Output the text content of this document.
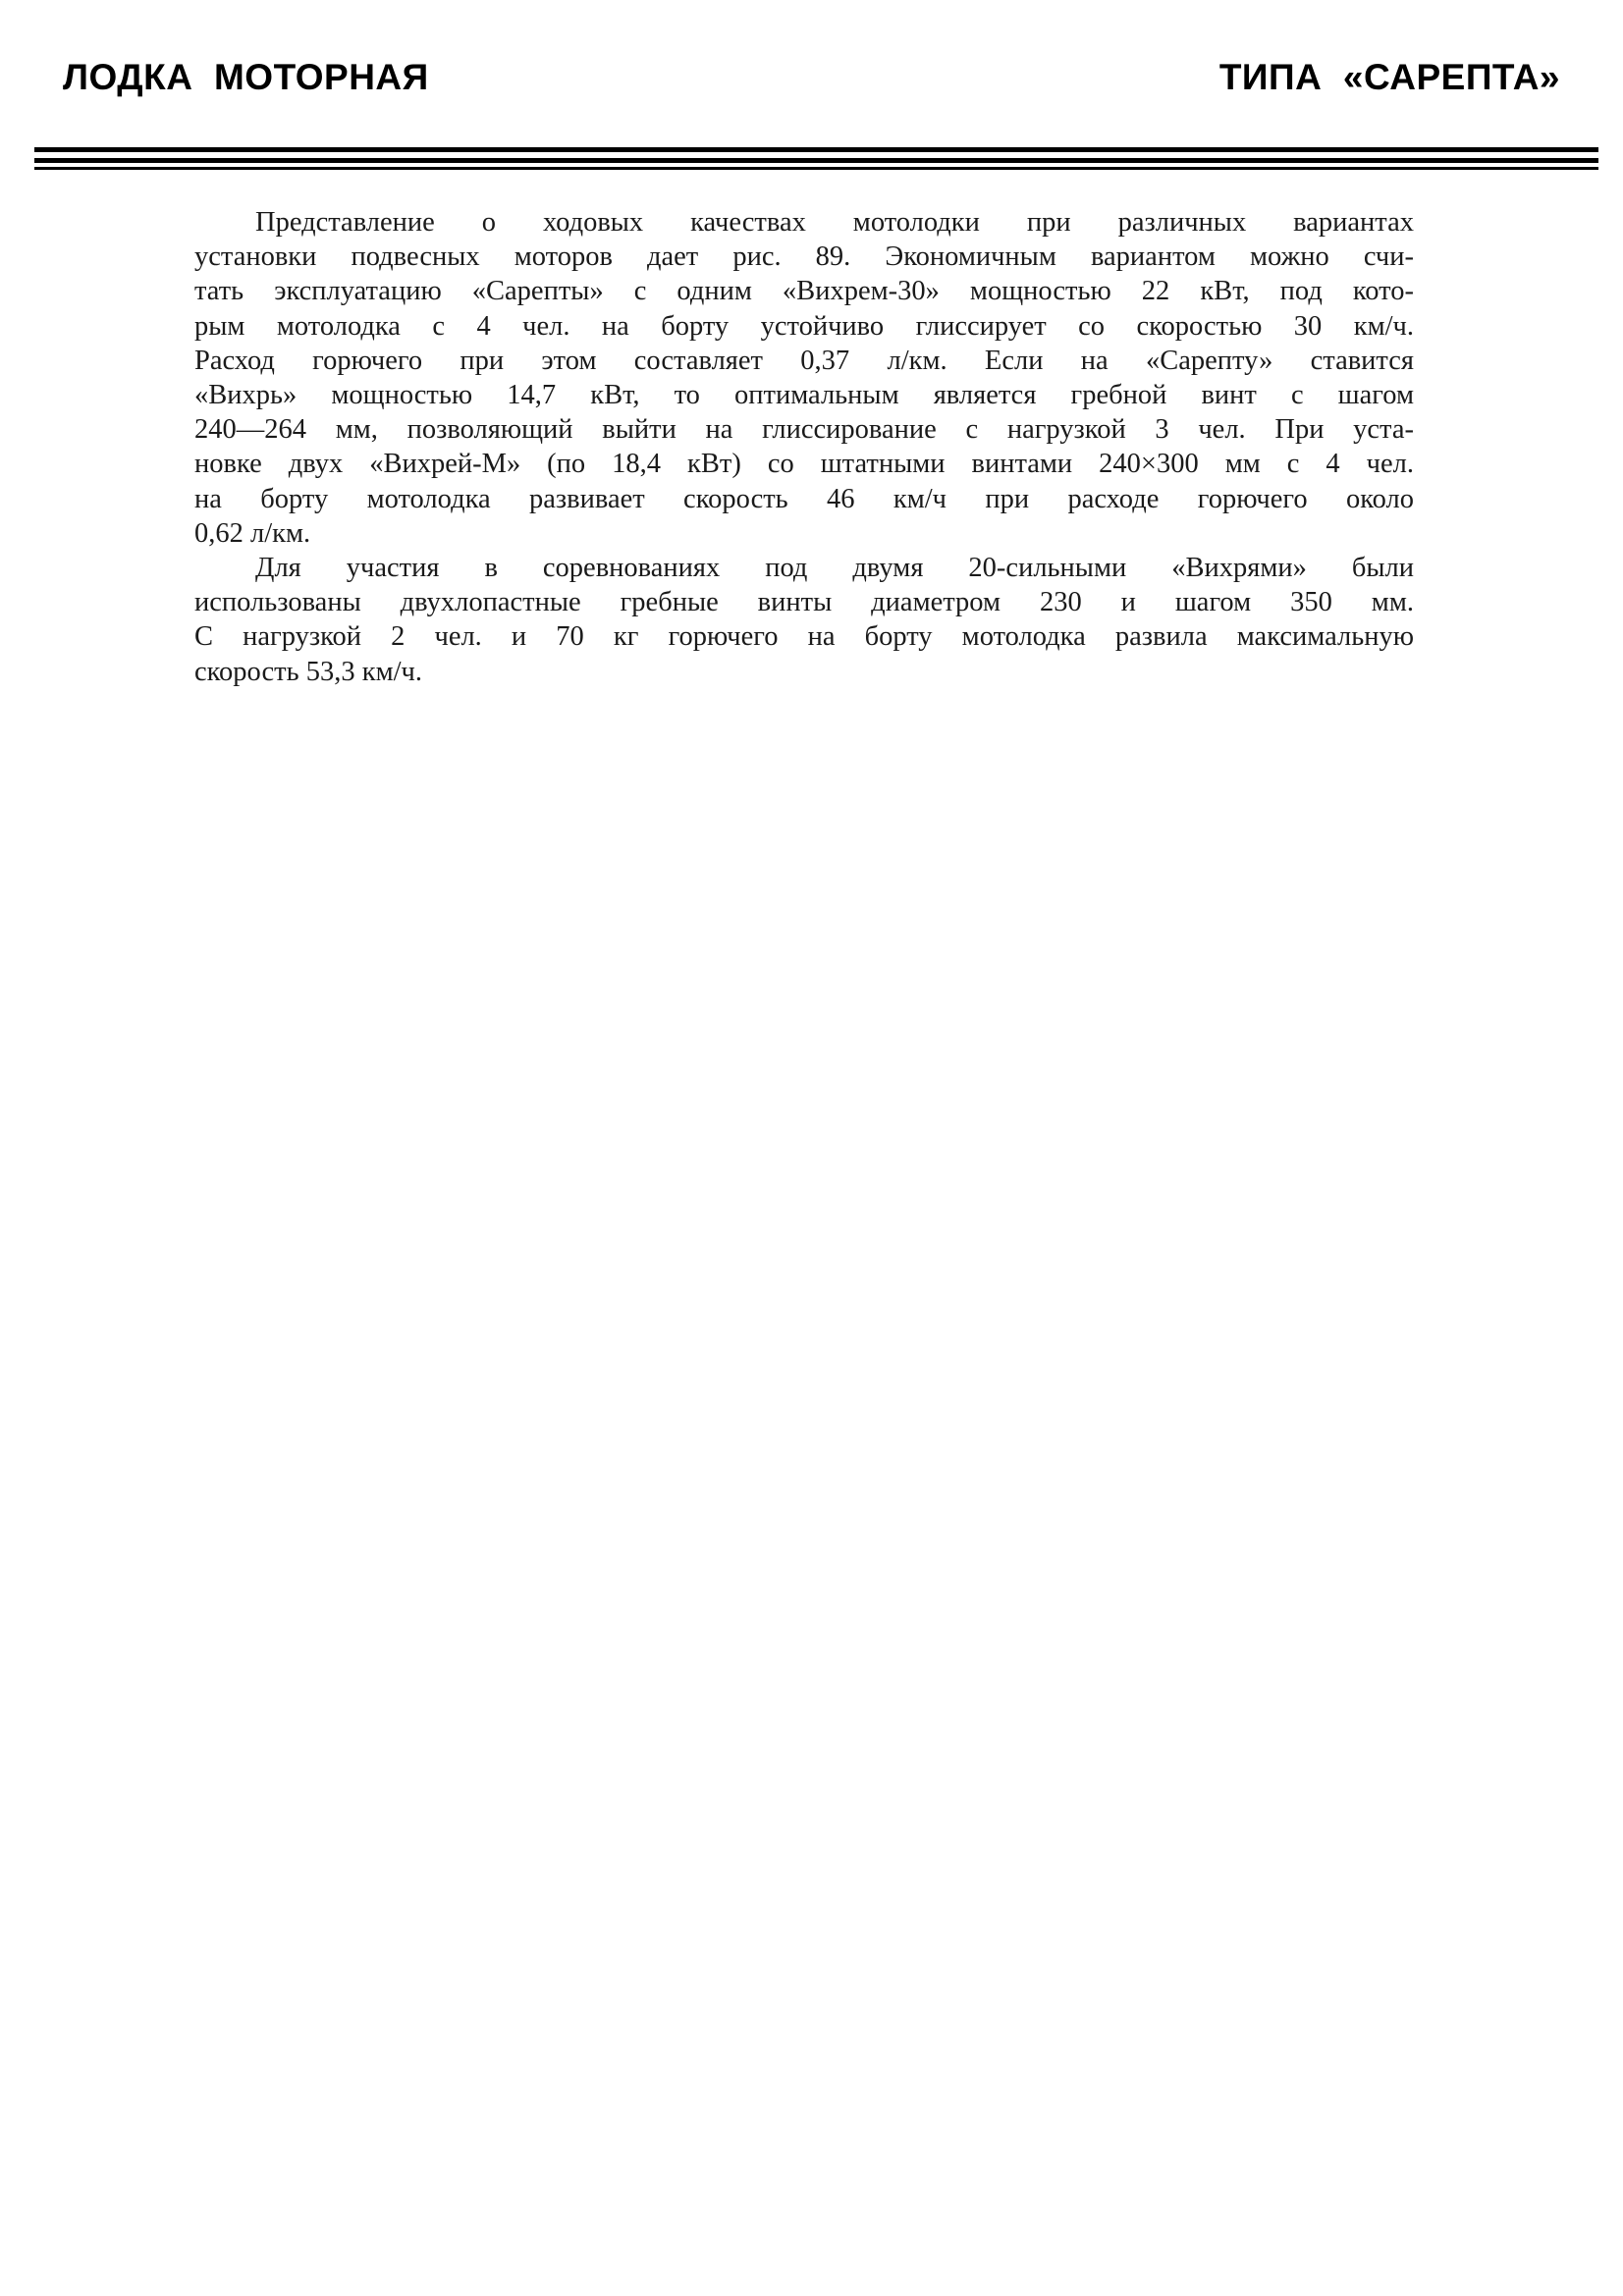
ЛОДКА  МОТОРНАЯ	ТИПА  «САРЕПТА»
Представление о ходовых качествах мотолодки при различных вариантах
установки подвесных моторов дает рис. 89. Экономичным вариантом можно счи-
тать эксплуатацию «Сарепты» с одним «Вихрем-30» мощностью 22 кВт, под кото-
рым мотолодка с 4 чел. на борту устойчиво глиссирует со скоростью 30 км/ч.
Расход горючего при этом составляет 0,37 л/км. Если на «Сарепту» ставится
«Вихрь» мощностью 14,7 кВт, то оптимальным является гребной винт с шагом
240—264 мм, позволяющий выйти на глиссирование с нагрузкой 3 чел. При уста-
новке двух «Вихрей-М» (по 18,4 кВт) со штатными винтами 240×300 мм с 4 чел.
на борту мотолодка развивает скорость 46 км/ч при расходе горючего около
0,62 л/км.
Для участия в соревнованиях под двумя 20-сильными «Вихрями» были
использованы двухлопастные гребные винты диаметром 230 и шагом 350 мм.
С нагрузкой 2 чел. и 70 кг горючего на борту мотолодка развила максимальную
скорость 53,3 км/ч.
